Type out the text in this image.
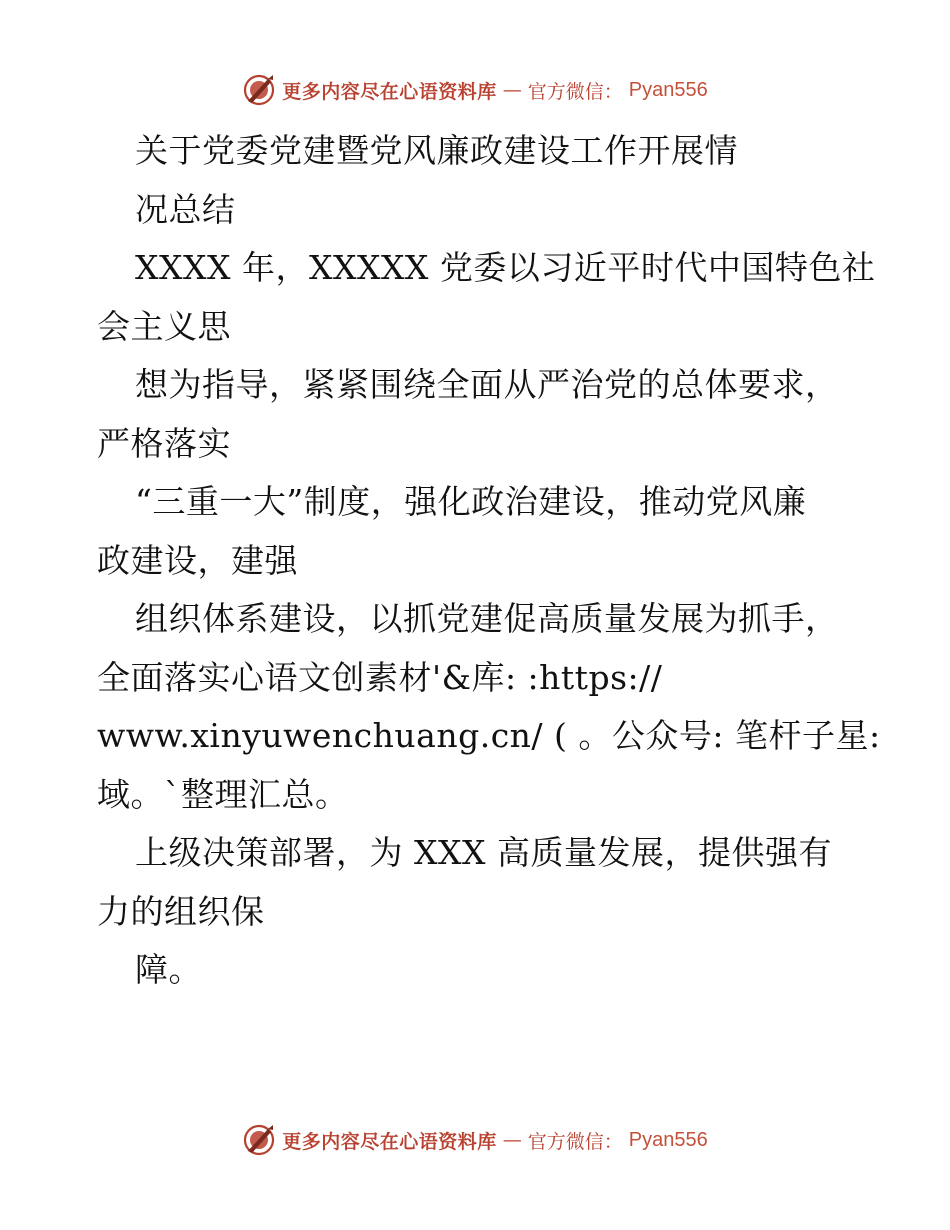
更多内容尽在心语资料库 — 官方微信： Pyan556
关于党委党建暨党风廉政建设工作开展情
况总结
XXXX 年，XXXXX 党委以习近平时代中国特色社
会主义思
想为指导，紧紧围绕全面从严治党的总体要求，
严格落实
“三重一大”制度，强化政治建设，推动党风廉
政建设，建强
组织体系建设，以抓党建促高质量发展为抓手，
全面落实心语文创素材'&库: :https://
www.xinyuwenchuang.cn/ ( 。公众号: 笔杆子星:
域。`整理汇总。
上级决策部署，为 XXX 高质量发展，提供强有
力的组织保
障。
更多内容尽在心语资料库 — 官方微信： Pyan556
